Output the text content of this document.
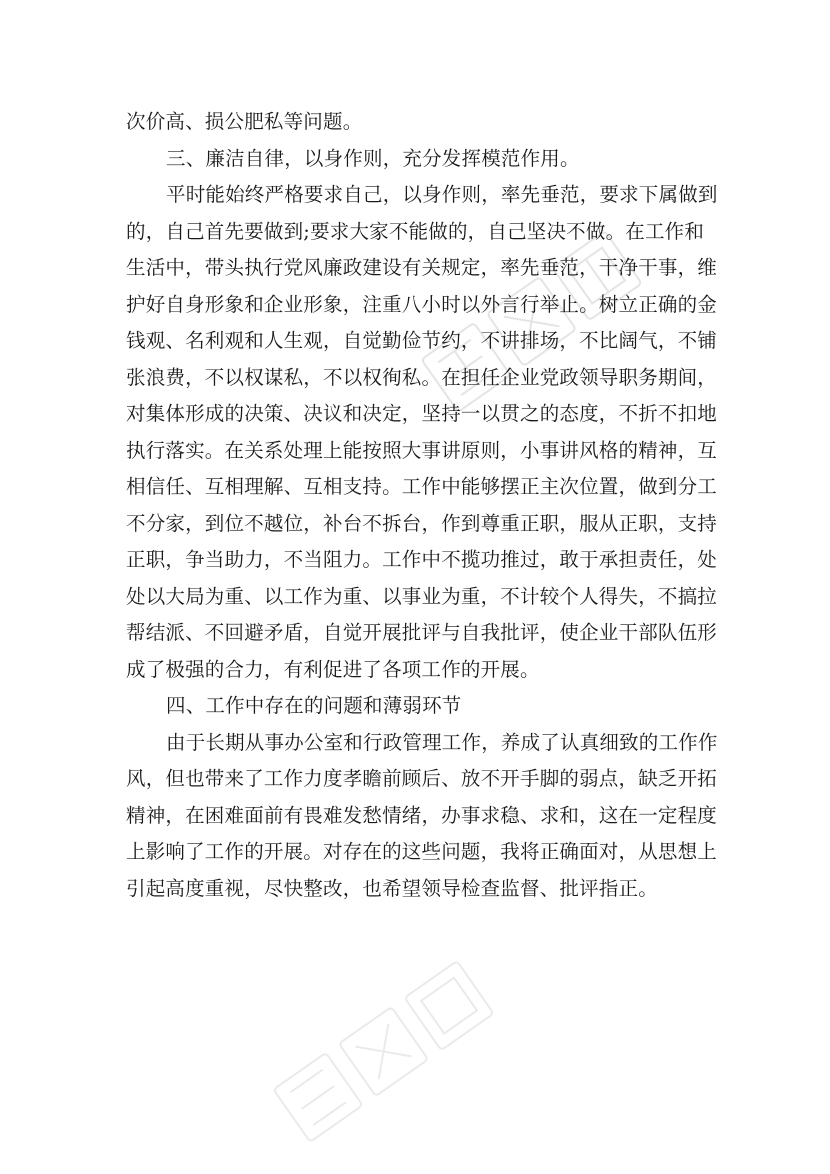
次价高、损公肥私等问题。
三、廉洁自律，以身作则，充分发挥模范作用。
平时能始终严格要求自己，以身作则，率先垂范，要求下属做到
的，自己首先要做到;要求大家不能做的，自己坚决不做。在工作和
生活中，带头执行党风廉政建设有关规定，率先垂范，干净干事，维
护好自身形象和企业形象，注重八小时以外言行举止。树立正确的金
钱观、名利观和人生观，自觉勤俭节约，不讲排场，不比阔气，不铺
张浪费，不以权谋私，不以权徇私。在担任企业党政领导职务期间，
对集体形成的决策、决议和决定，坚持一以贯之的态度，不折不扣地
执行落实。在关系处理上能按照大事讲原则，小事讲风格的精神，互
相信任、互相理解、互相支持。工作中能够摆正主次位置，做到分工
不分家，到位不越位，补台不拆台，作到尊重正职，服从正职，支持
正职，争当助力，不当阻力。工作中不揽功推过，敢于承担责任，处
处以大局为重、以工作为重、以事业为重，不计较个人得失，不搞拉
帮结派、不回避矛盾，自觉开展批评与自我批评，使企业干部队伍形
成了极强的合力，有利促进了各项工作的开展。
四、工作中存在的问题和薄弱环节
由于长期从事办公室和行政管理工作，养成了认真细致的工作作
风，但也带来了工作力度孝瞻前顾后、放不开手脚的弱点，缺乏开拓
精神，在困难面前有畏难发愁情绪，办事求稳、求和，这在一定程度
上影响了工作的开展。对存在的这些问题，我将正确面对，从思想上
引起高度重视，尽快整改，也希望领导检查监督、批评指正。
